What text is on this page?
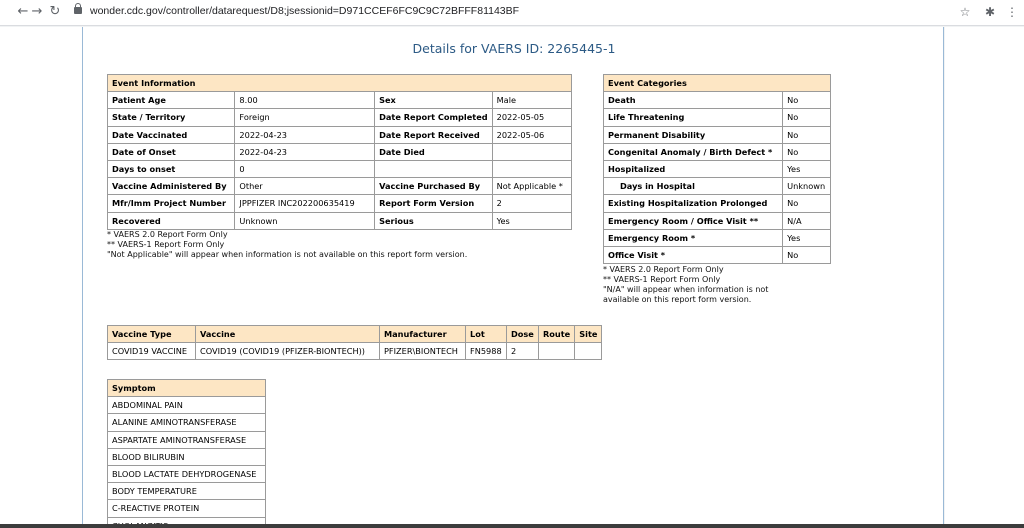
← → ↻	wonder.cdc.gov/controller/datarequest/D8;jsessionid=D971CCEF6FC9C9C72BFFF81143BF	☆ ✱ ⋮
Details for VAERS ID: 2265445-1
Event Information			
Patient Age	8.00	Sex	Male
State / Territory	Foreign	Date Report Completed	2022-05-05
Date Vaccinated	2022-04-23	Date Report Received	2022-05-06
Date of Onset	2022-04-23	Date Died	
Days to onset	0		
Vaccine Administered By	Other	Vaccine Purchased By	Not Applicable *
Mfr/Imm Project Number	JPPFIZER INC202200635419	Report Form Version	2
Recovered	Unknown	Serious	Yes
* VAERS 2.0 Report Form Only
** VAERS-1 Report Form Only
"Not Applicable" will appear when information is not available on this report form version.
Event Categories	
Death	No
Life Threatening	No
Permanent Disability	No
Congenital Anomaly / Birth Defect *	No
Hospitalized	Yes
Days in Hospital	Unknown
Existing Hospitalization Prolonged	No
Emergency Room / Office Visit **	N/A
Emergency Room *	Yes
Office Visit *	No
* VAERS 2.0 Report Form Only
** VAERS-1 Report Form Only
"N/A" will appear when information is not
available on this report form version.
Vaccine Type	Vaccine	Manufacturer	Lot	Dose	Route	Site
COVID19 VACCINE	COVID19 (COVID19 (PFIZER-BIONTECH))	PFIZER\BIONTECH	FN5988	2		
Symptom
ABDOMINAL PAIN
ALANINE AMINOTRANSFERASE
ASPARTATE AMINOTRANSFERASE
BLOOD BILIRUBIN
BLOOD LACTATE DEHYDROGENASE
BODY TEMPERATURE
C-REACTIVE PROTEIN
